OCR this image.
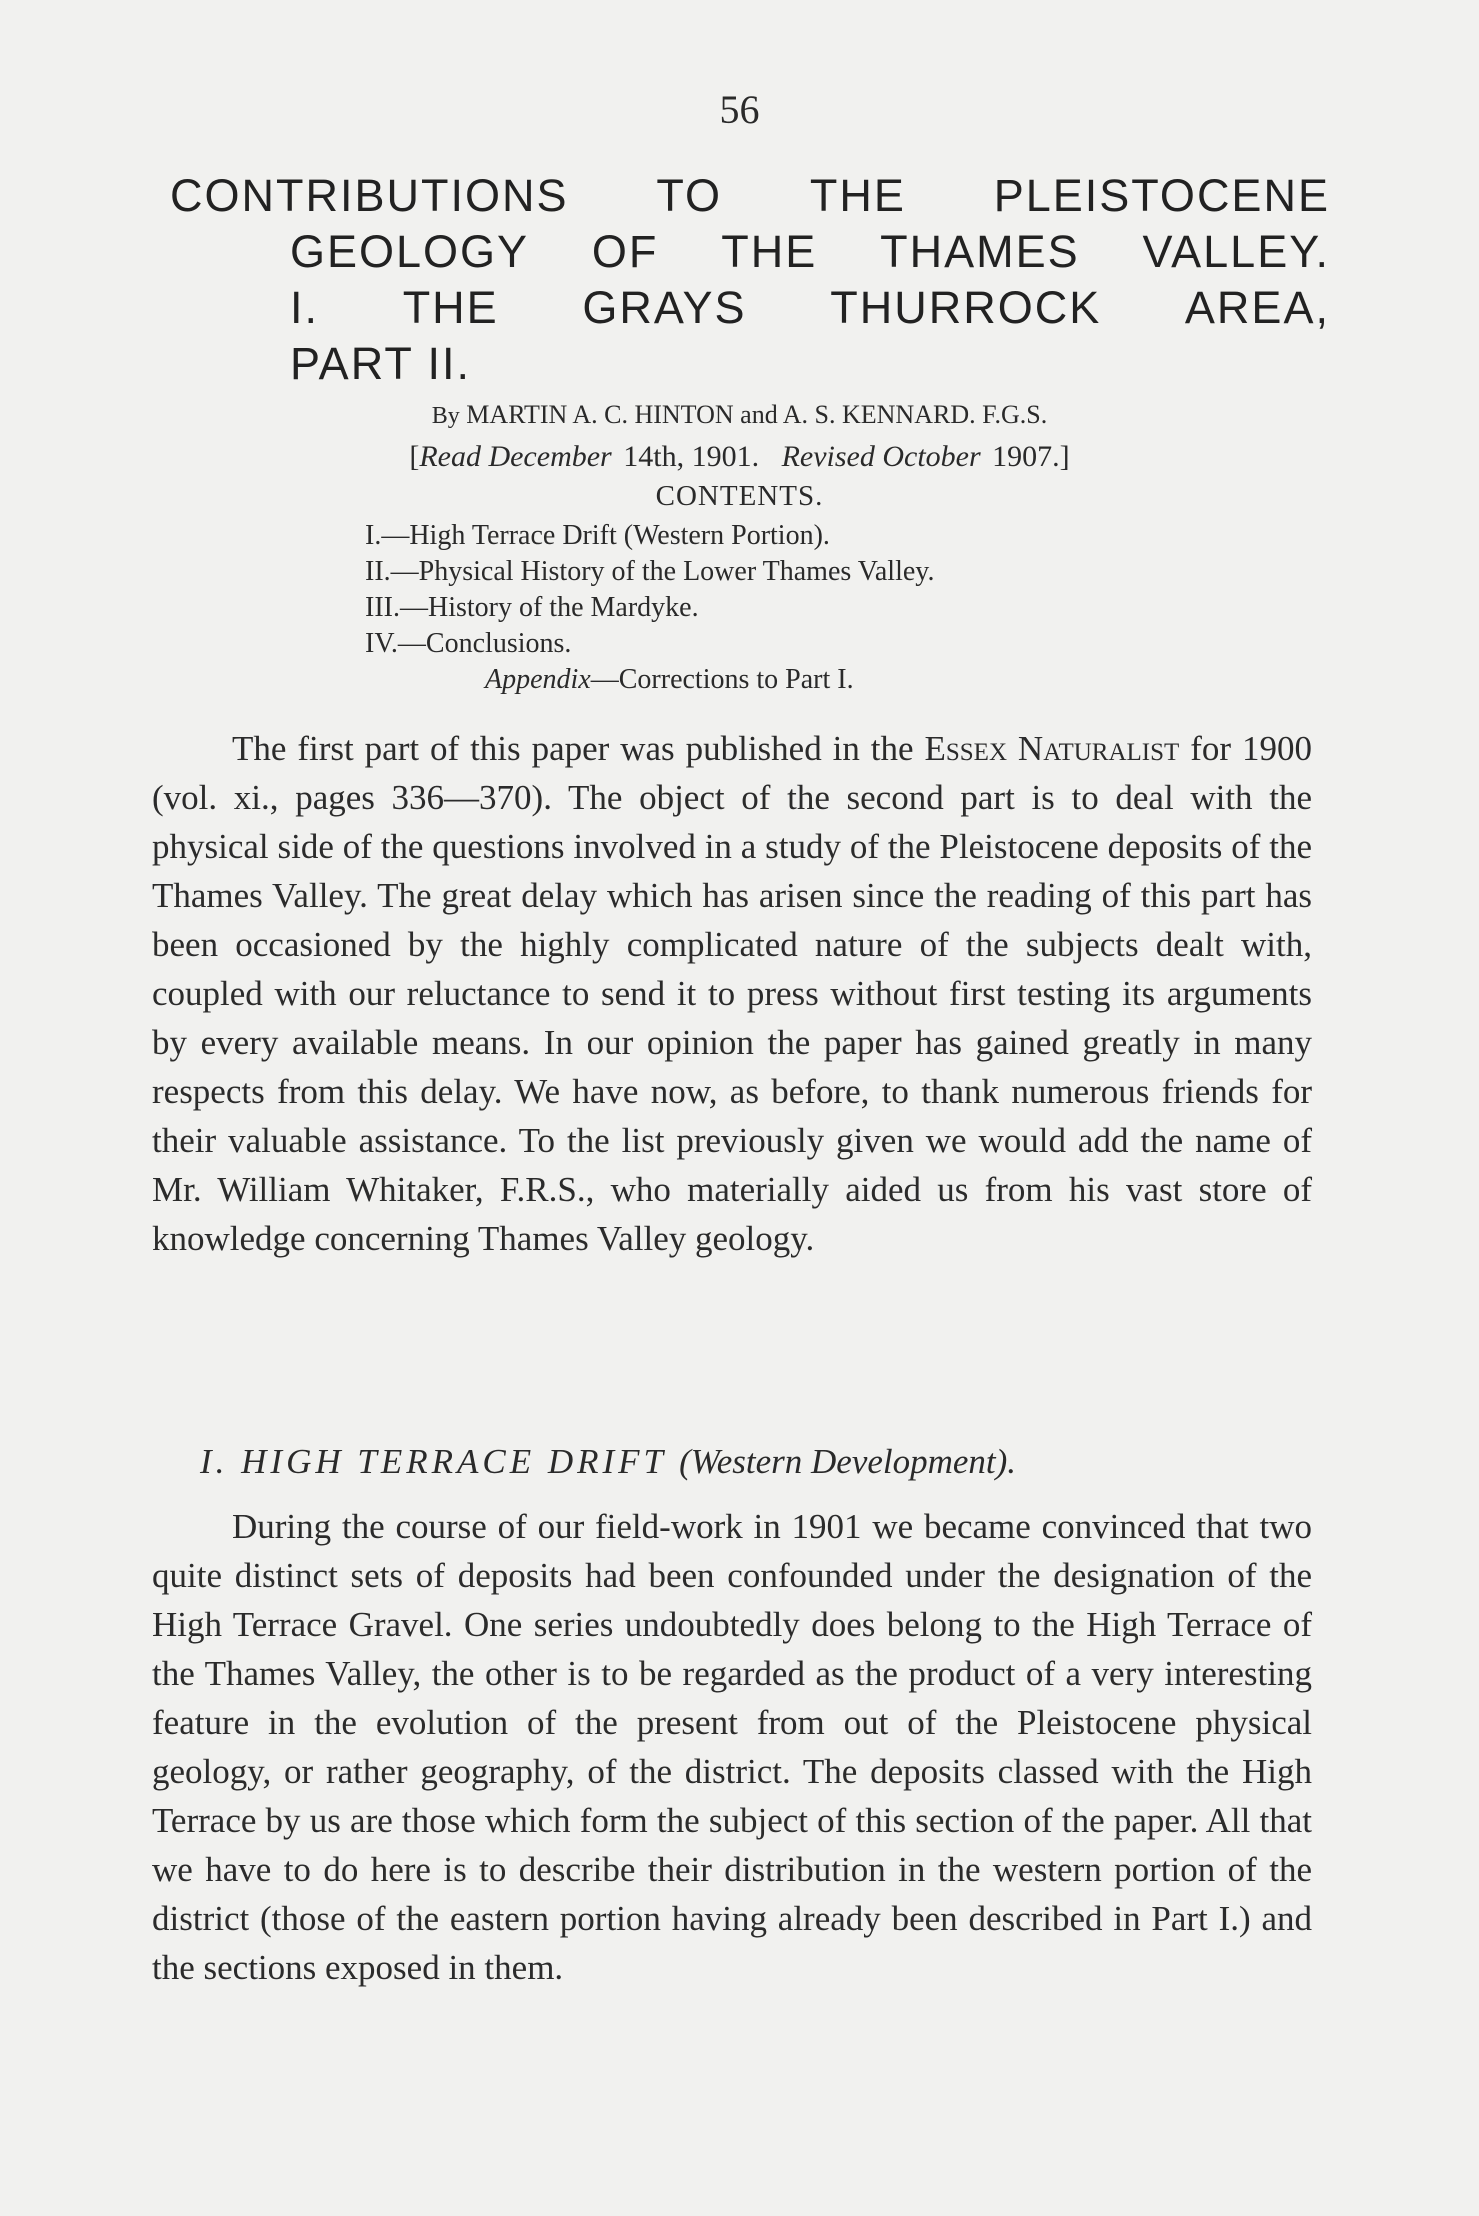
56
CONTRIBUTIONS TO THE PLEISTOCENE
GEOLOGY OF THE THAMES VALLEY.
I. THE GRAYS THURROCK AREA,
PART II.
By MARTIN A. C. HINTON and A. S. KENNARD. F.G.S.
[Read December 14th, 1901. Revised October 1907.]
CONTENTS.
I.—High Terrace Drift (Western Portion).
II.—Physical History of the Lower Thames Valley.
III.—History of the Mardyke.
IV.—Conclusions.
Appendix—Corrections to Part I.
The first part of this paper was published in the Essex Naturalist for 1900 (vol. xi., pages 336—370). The object of the second part is to deal with the physical side of the questions involved in a study of the Pleistocene deposits of the Thames Valley. The great delay which has arisen since the reading of this part has been occasioned by the highly complicated nature of the subjects dealt with, coupled with our reluctance to send it to press without first testing its arguments by every available means. In our opinion the paper has gained greatly in many respects from this delay. We have now, as before, to thank numerous friends for their valuable assistance. To the list previously given we would add the name of Mr. William Whitaker, F.R.S., who materially aided us from his vast store of knowledge concerning Thames Valley geology.
I. HIGH TERRACE DRIFT (Western Development).
During the course of our field-work in 1901 we became convinced that two quite distinct sets of deposits had been confounded under the designation of the High Terrace Gravel. One series undoubtedly does belong to the High Terrace of the Thames Valley, the other is to be regarded as the product of a very interesting feature in the evolution of the present from out of the Pleistocene physical geology, or rather geography, of the district. The deposits classed with the High Terrace by us are those which form the subject of this section of the paper. All that we have to do here is to describe their distribution in the western portion of the district (those of the eastern portion having already been described in Part I.) and the sections exposed in them.
